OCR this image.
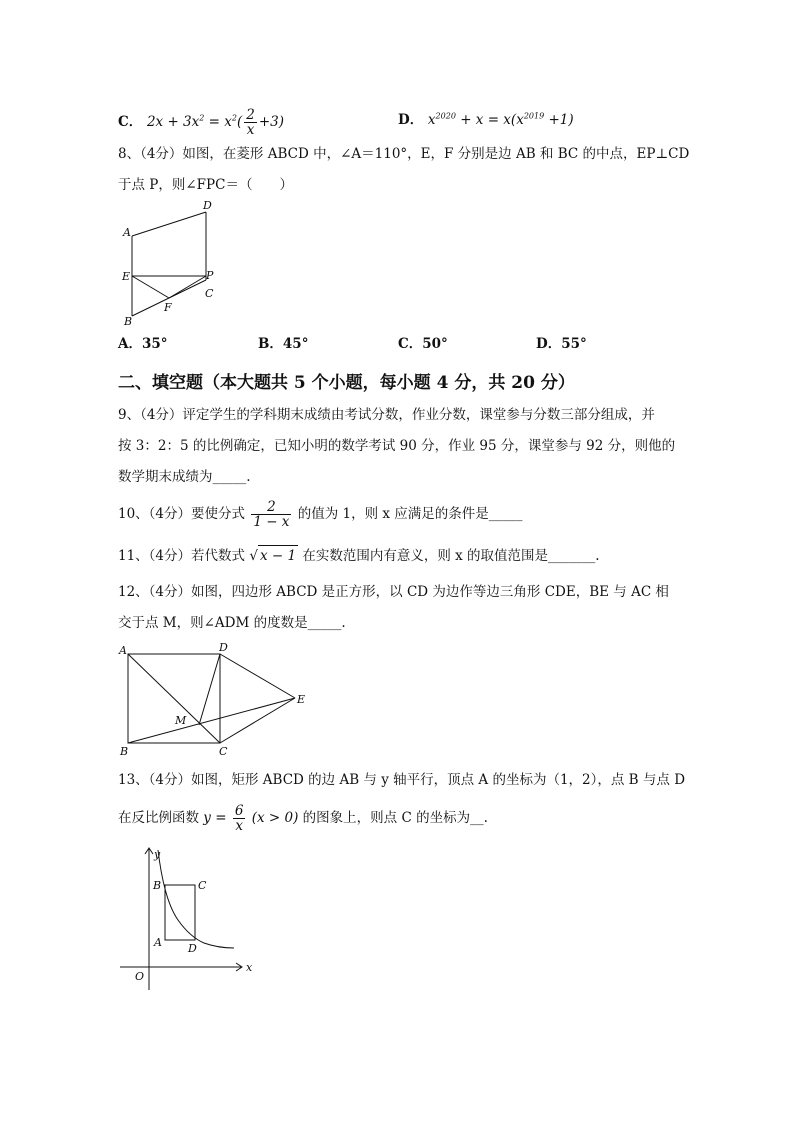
C． $2x + 3x^2 = x^2( \frac{2}{x} +3)$	D． $x^{2020} + x = x(x^{2019} +1)$
8、（4分）如图，在菱形 ABCD 中，∠A＝110°，E，F 分别是边 AB 和 BC 的中点，EP⊥CD
于点 P，则∠FPC＝（　　）
A
D
E	P
C
F
B
A．35°	B．45°	C．50°	D．55°
二、填空题（本大题共 5 个小题，每小题 4 分，共 20 分）
9、（4分）评定学生的学科期末成绩由考试分数，作业分数，课堂参与分数三部分组成，并
按 3：2：5 的比例确定，已知小明的数学考试 90 分，作业 95 分，课堂参与 92 分，则他的
数学期末成绩为_____.
10、（4分）要使分式 $\frac{2}{1 - x}$ 的值为 1，则 x 应满足的条件是_____
11、（4分）若代数式 √ x − 1 在实数范围内有意义，则 x 的取值范围是_______.
12、（4分）如图，四边形 ABCD 是正方形，以 CD 为边作等边三角形 CDE，BE 与 AC 相
交于点 M，则∠ADM 的度数是_____.
A	D
E
M
B	C
13、（4分）如图，矩形 ABCD 的边 AB 与 y 轴平行，顶点 A 的坐标为（1，2），点 B 与点 D
在反比例函数 $y = \frac{6}{x} (x > 0)$ 的图象上，则点 C 的坐标为__.
y
x
O
B	C
A D
